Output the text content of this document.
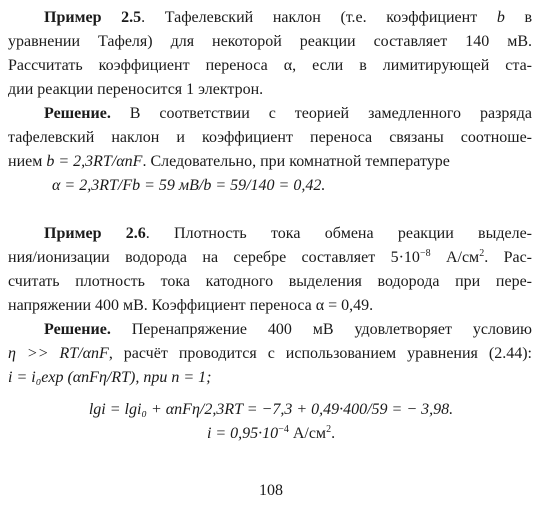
Пример 2.5. Тафелевский наклон (т.е. коэффициент b в
уравнении Тафеля) для некоторой реакции составляет 140 мВ.
Рассчитать коэффициент переноса α, если в лимитирующей ста-
дии реакции переносится 1 электрон.
Решение. В соответствии с теорией замедленного разряда
тафелевский наклон и коэффициент переноса связаны соотноше-
нием b = 2,3RT/αnF. Следовательно, при комнатной температуре
α = 2,3RT/Fb = 59 мВ/b = 59/140 = 0,42.
Пример 2.6. Плотность тока обмена реакции выделе-
ния/ионизации водорода на серебре составляет $5\cdot 10^{-8}$ $А/см^2$. Рас-
считать плотность тока катодного выделения водорода при пере-
напряжении 400 мВ. Коэффициент переноса α = 0,49.
Решение. Перенапряжение 400 мВ удовлетворяет условию
η >> RT/αnF, расчёт проводится с использованием уравнения (2.44):
i = i₀exp (αnFη/RT), при n = 1;
lgi = lgi₀ + αnFη/2,3RT = −7,3 + 0,49·400/59 = − 3,98.
$i = 0,95\cdot 10^{-4}$ $А/см^2$.
108
